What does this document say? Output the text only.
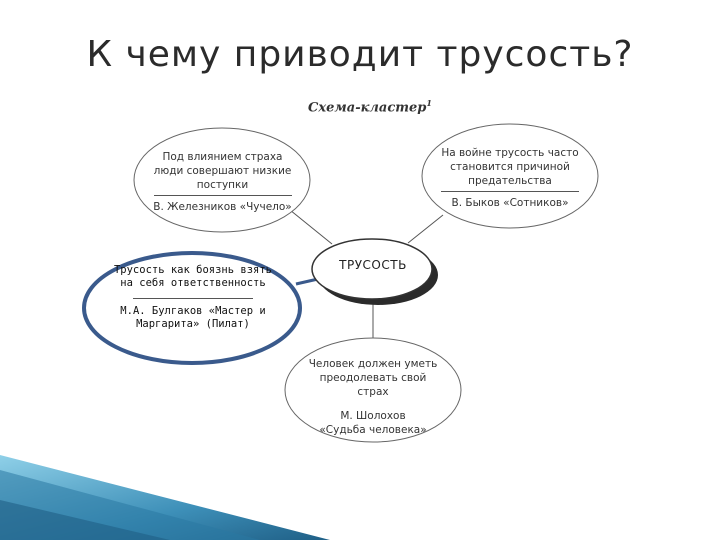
К чему приводит трусость?
Схема-кластер$^1$
Под влиянием страха люди совершают низкие поступки
В. Железников «Чучело»
На войне трусость часто становится причиной предательства
В. Быков «Сотников»
ТРУСОСТЬ
Трусость как боязнь взять на себя ответственность
М.А. Булгаков «Мастер и Маргарита» (Пилат)
Человек должен уметь преодолевать свой страх
М. Шолохов
«Судьба человека»
